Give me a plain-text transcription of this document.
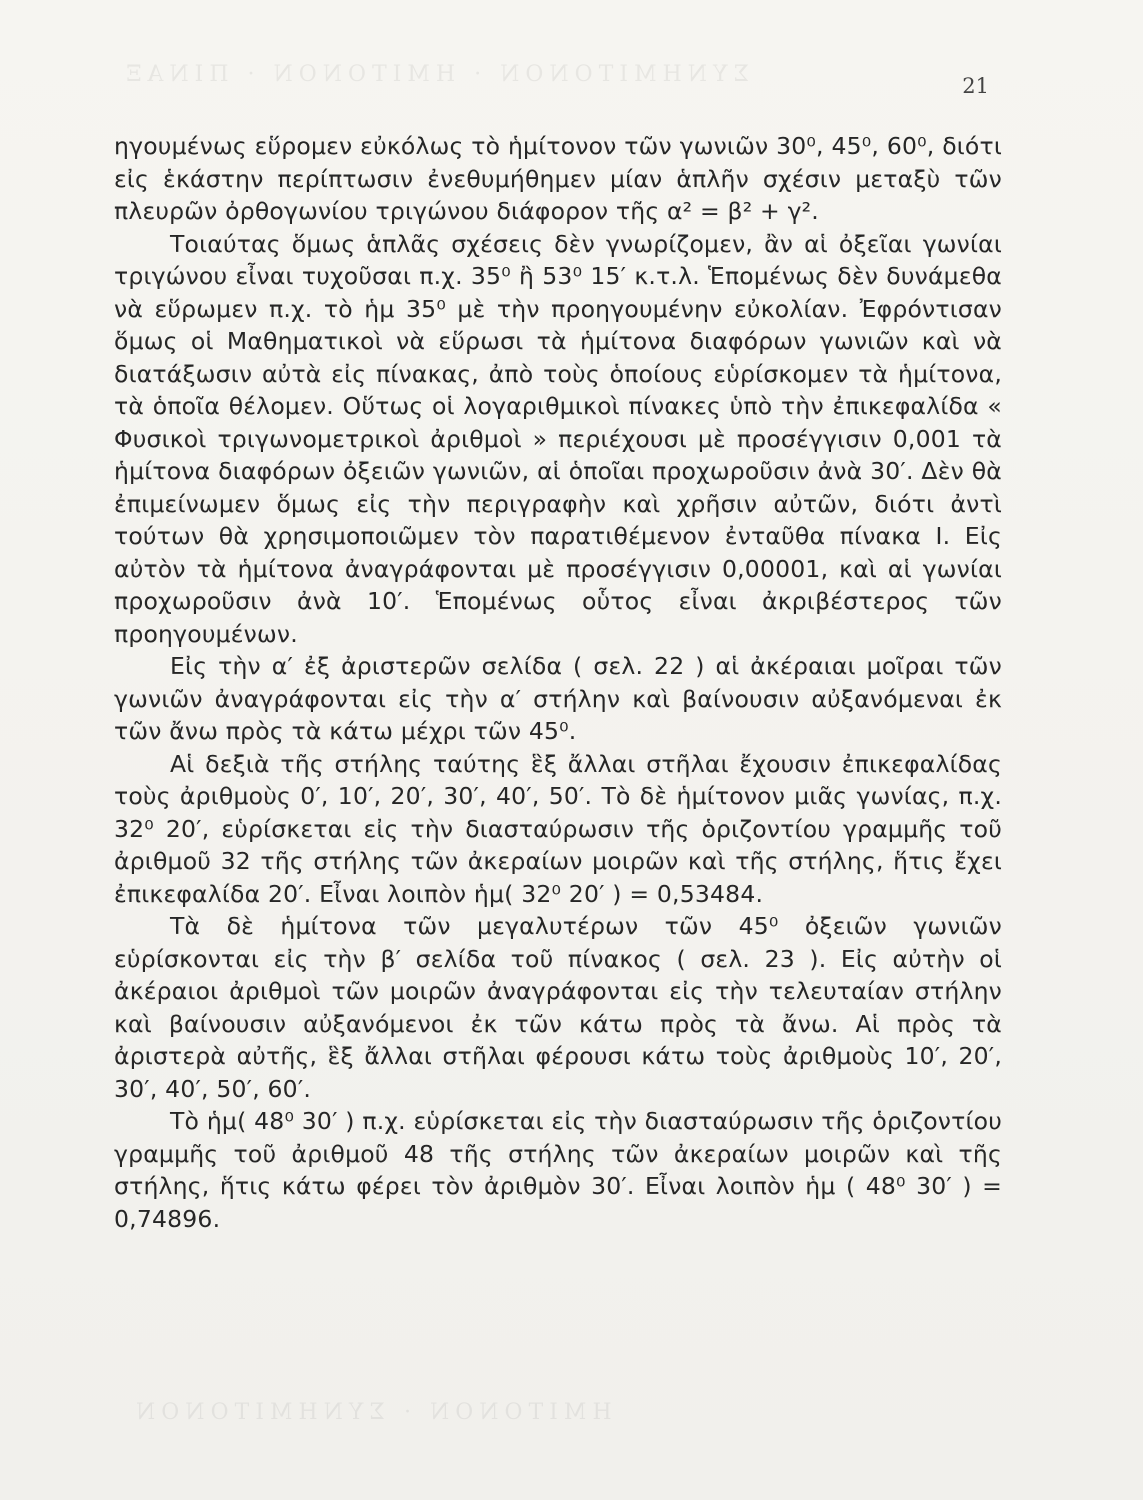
ΣΥΝΗΜΙΤΟΝΟΝ · ΗΜΙΤΟΝΟΝ · ΠΙΝΑΞ
ΗΜΙΤΟΝΟΝ · ΣΥΝΗΜΙΤΟΝΟΝ
21

ηγουμένως εὕρομεν εὐκόλως τὸ ἡμίτονον τῶν γωνιῶν 30⁰, 45⁰, 60⁰, διότι εἰς ἑκάστην περίπτωσιν ἐνεθυμήθημεν μίαν ἁπλῆν σχέσιν μεταξὺ τῶν πλευρῶν ὀρθογωνίου τριγώνου διάφορον τῆς α² = β² + γ².

Τοιαύτας ὅμως ἁπλᾶς σχέσεις δὲν γνωρίζομεν, ἂν αἱ ὀξεῖαι γωνίαι τριγώνου εἶναι τυχοῦσαι π.χ. 35⁰ ἢ 53⁰ 15′ κ.τ.λ. Ἑπομένως δὲν δυνάμεθα νὰ εὕρωμεν π.χ. τὸ ἡμ 35⁰ μὲ τὴν προηγουμένην εὐκολίαν. Ἐφρόντισαν ὅμως οἱ Μαθηματικοὶ νὰ εὕρωσι τὰ ἡμίτονα διαφόρων γωνιῶν καὶ νὰ διατάξωσιν αὐτὰ εἰς πίνακας, ἀπὸ τοὺς ὁποίους εὑρίσκομεν τὰ ἡμίτονα, τὰ ὁποῖα θέλομεν. Οὕτως οἱ λογαριθμικοὶ πίνακες ὑπὸ τὴν ἐπικεφαλίδα « Φυσικοὶ τριγωνομετρικοὶ ἀριθμοὶ » περιέχουσι μὲ προσέγγισιν 0,001 τὰ ἡμίτονα διαφόρων ὀξειῶν γωνιῶν, αἱ ὁποῖαι προχωροῦσιν ἀνὰ 30′. Δὲν θὰ ἐπιμείνωμεν ὅμως εἰς τὴν περιγραφὴν καὶ χρῆσιν αὐτῶν, διότι ἀντὶ τούτων θὰ χρησιμοποιῶμεν τὸν παρατιθέμενον ἐνταῦθα πίνακα I. Εἰς αὐτὸν τὰ ἡμίτονα ἀναγράφονται μὲ προσέγγισιν 0,00001, καὶ αἱ γωνίαι προχωροῦσιν ἀνὰ 10′. Ἑπομένως οὗτος εἶναι ἀκριβέστερος τῶν προηγουμένων.

Εἰς τὴν α′ ἐξ ἀριστερῶν σελίδα ( σελ. 22 ) αἱ ἀκέραιαι μοῖραι τῶν γωνιῶν ἀναγράφονται εἰς τὴν α′ στήλην καὶ βαίνουσιν αὐξανόμεναι ἐκ τῶν ἄνω πρὸς τὰ κάτω μέχρι τῶν 45⁰.

Αἱ δεξιὰ τῆς στήλης ταύτης ἓξ ἄλλαι στῆλαι ἔχουσιν ἐπικεφαλίδας τοὺς ἀριθμοὺς 0′, 10′, 20′, 30′, 40′, 50′. Τὸ δὲ ἡμίτονον μιᾶς γωνίας, π.χ. 32⁰ 20′, εὑρίσκεται εἰς τὴν διασταύρωσιν τῆς ὁριζοντίου γραμμῆς τοῦ ἀριθμοῦ 32 τῆς στήλης τῶν ἀκεραίων μοιρῶν καὶ τῆς στήλης, ἥτις ἔχει ἐπικεφαλίδα 20′. Εἶναι λοιπὸν ἡμ( 32⁰ 20′ ) = 0,53484.

Τὰ δὲ ἡμίτονα τῶν μεγαλυτέρων τῶν 45⁰ ὀξειῶν γωνιῶν εὑρίσκονται εἰς τὴν β′ σελίδα τοῦ πίνακος ( σελ. 23 ). Εἰς αὐτὴν οἱ ἀκέραιοι ἀριθμοὶ τῶν μοιρῶν ἀναγράφονται εἰς τὴν τελευταίαν στήλην καὶ βαίνουσιν αὐξανόμενοι ἐκ τῶν κάτω πρὸς τὰ ἄνω. Αἱ πρὸς τὰ ἀριστερὰ αὐτῆς, ἓξ ἄλλαι στῆλαι φέρουσι κάτω τοὺς ἀριθμοὺς 10′, 20′, 30′, 40′, 50′, 60′.

Τὸ ἡμ( 48⁰ 30′ ) π.χ. εὑρίσκεται εἰς τὴν διασταύρωσιν τῆς ὁριζοντίου γραμμῆς τοῦ ἀριθμοῦ 48 τῆς στήλης τῶν ἀκεραίων μοιρῶν καὶ τῆς στήλης, ἥτις κάτω φέρει τὸν ἀριθμὸν 30′. Εἶναι λοιπὸν ἡμ ( 48⁰ 30′ ) = 0,74896.
